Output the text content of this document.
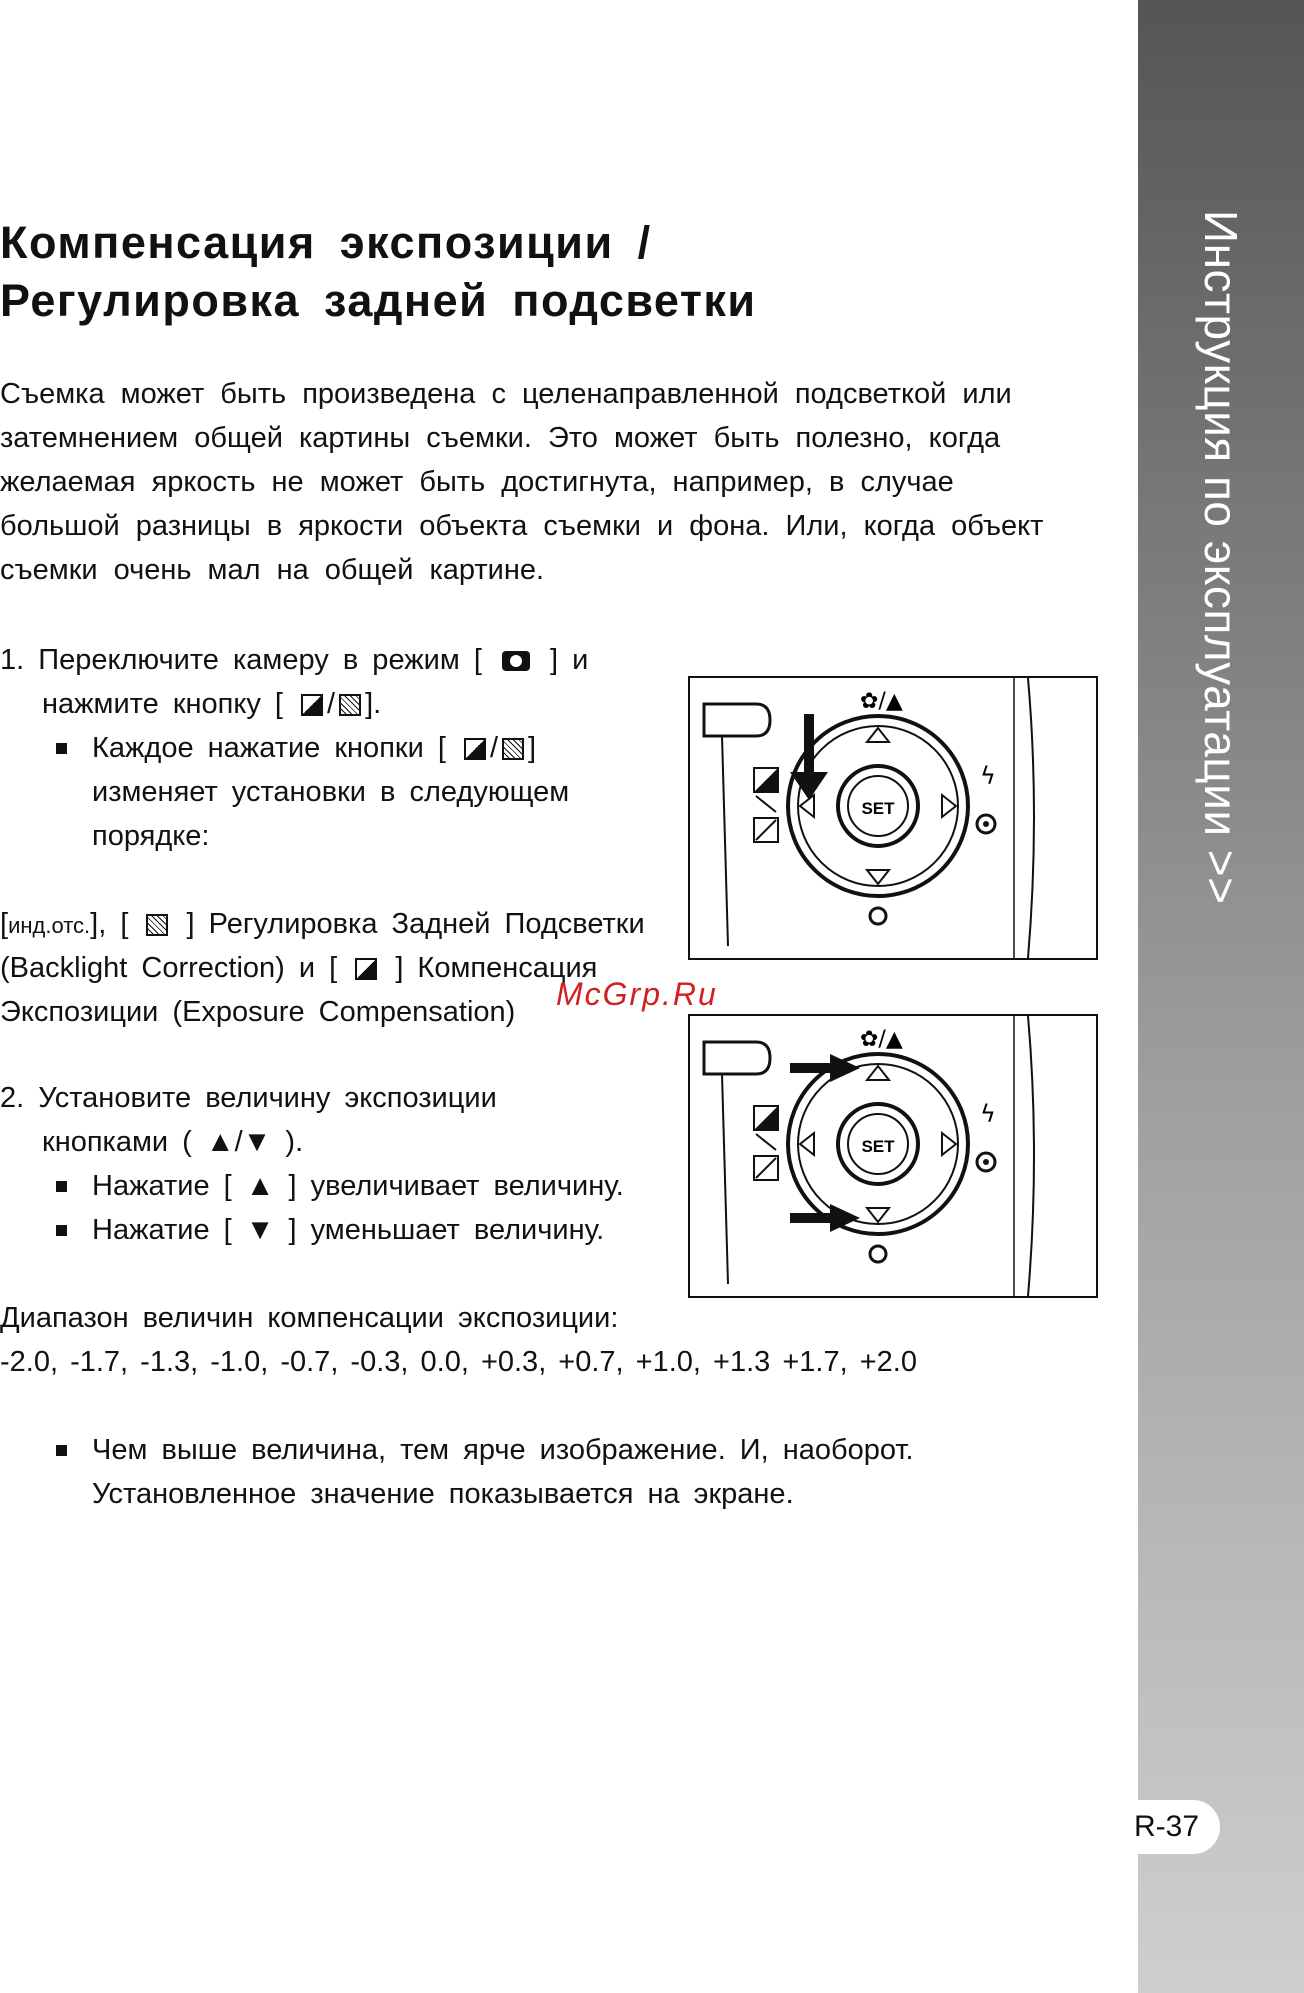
Инструкция по эксплуатации >>
R-37
Компенсация экспозиции /
Регулировка задней подсветки

Съемка может быть произведена с целенаправленной подсветкой или
затемнением общей картины съемки. Это может быть полезно, когда
желаемая яркость не может быть достигнута, например, в случае
большой разницы в яркости объекта съемки и фона. Или, когда объект
съемки очень мал на общей картине.

1. Переключите камеру в режим [ ] и
нажмите кнопку [ / ].
Каждое нажатие кнопки [ / ]
изменяет установки в следующем
порядке:
[инд.отс.], [ ] Регулировка Задней Подсветки
(Backlight Correction) и [ ] Компенсация
Экспозиции (Exposure Compensation) McGrp.Ru
2. Установите величину экспозиции
кнопками ( ▲/▼ ).
Нажатие [ ▲ ] увеличивает величину.
Нажатие [ ▼ ] уменьшает величину.
Диапазон величин компенсации экспозиции:
-2.0, -1.7, -1.3, -1.0, -0.7, -0.3, 0.0, +0.3, +0.7, +1.0, +1.3 +1.7, +2.0
Чем выше величина, тем ярче изображение. И, наоборот.
Установленное значение показывается на экране.
SET
✿/▲
ϟ
SET
✿/▲
ϟ
